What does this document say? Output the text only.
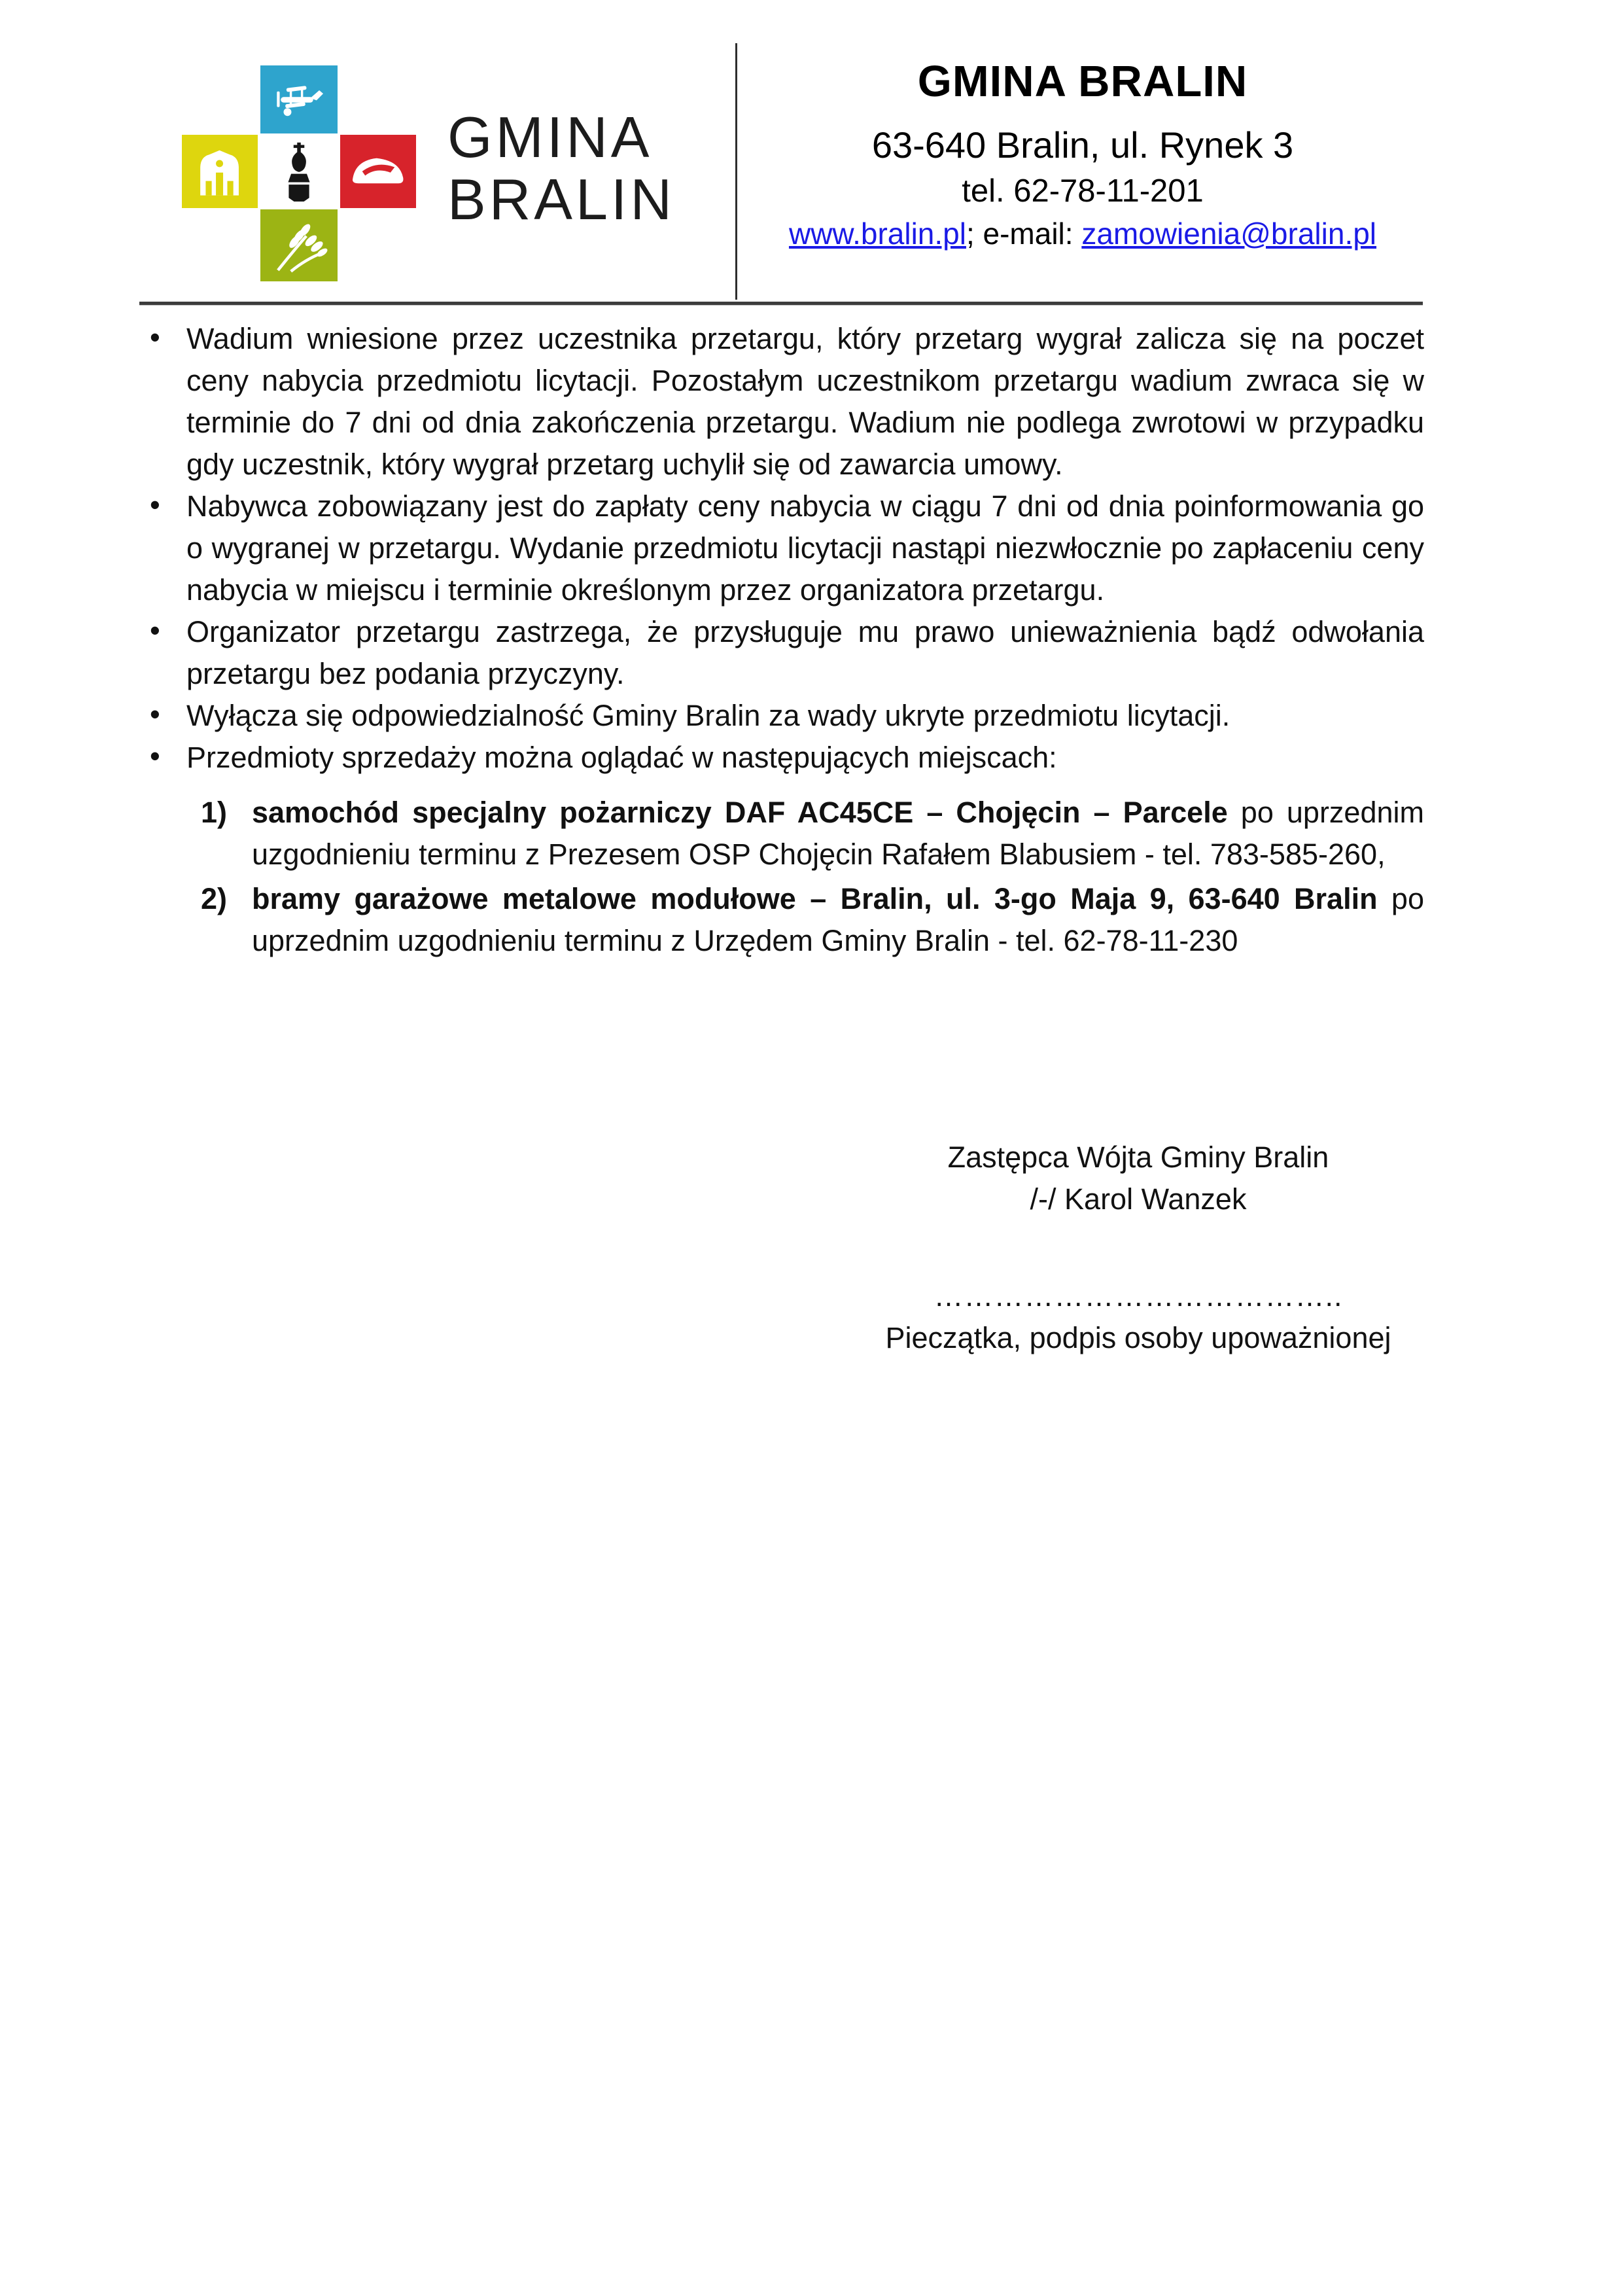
GMINA
BRALIN
GMINA BRALIN
63-640 Bralin, ul. Rynek 3
tel. 62-78-11-201
www.bralin.pl; e-mail: zamowienia@bralin.pl
• Wadium wniesione przez uczestnika przetargu, który przetarg wygrał zalicza się na poczet ceny nabycia przedmiotu licytacji. Pozostałym uczestnikom przetargu wadium zwraca się w terminie do 7 dni od dnia zakończenia przetargu. Wadium nie podlega zwrotowi w przypadku gdy uczestnik, który wygrał przetarg uchylił się od zawarcia umowy.
• Nabywca zobowiązany jest do zapłaty ceny nabycia w ciągu 7 dni od dnia poinformowania go o wygranej w przetargu. Wydanie przedmiotu licytacji nastąpi niezwłocznie po zapłaceniu ceny nabycia w miejscu i terminie określonym przez organizatora przetargu.
• Organizator przetargu zastrzega, że przysługuje mu prawo unieważnienia bądź odwołania przetargu bez podania przyczyny.
• Wyłącza się odpowiedzialność Gminy Bralin za wady ukryte przedmiotu licytacji.
• Przedmioty sprzedaży można oglądać w następujących miejscach:
1) samochód specjalny pożarniczy DAF AC45CE – Chojęcin – Parcele po uprzednim uzgodnieniu terminu z Prezesem OSP Chojęcin Rafałem Blabusiem - tel. 783-585-260,
2) bramy garażowe metalowe modułowe – Bralin, ul. 3-go Maja 9, 63-640 Bralin po uprzednim uzgodnieniu terminu z Urzędem Gminy Bralin - tel. 62-78-11-230
Zastępca Wójta Gminy Bralin
/-/ Karol Wanzek
…………………………………..
Pieczątka, podpis osoby upoważnionej
